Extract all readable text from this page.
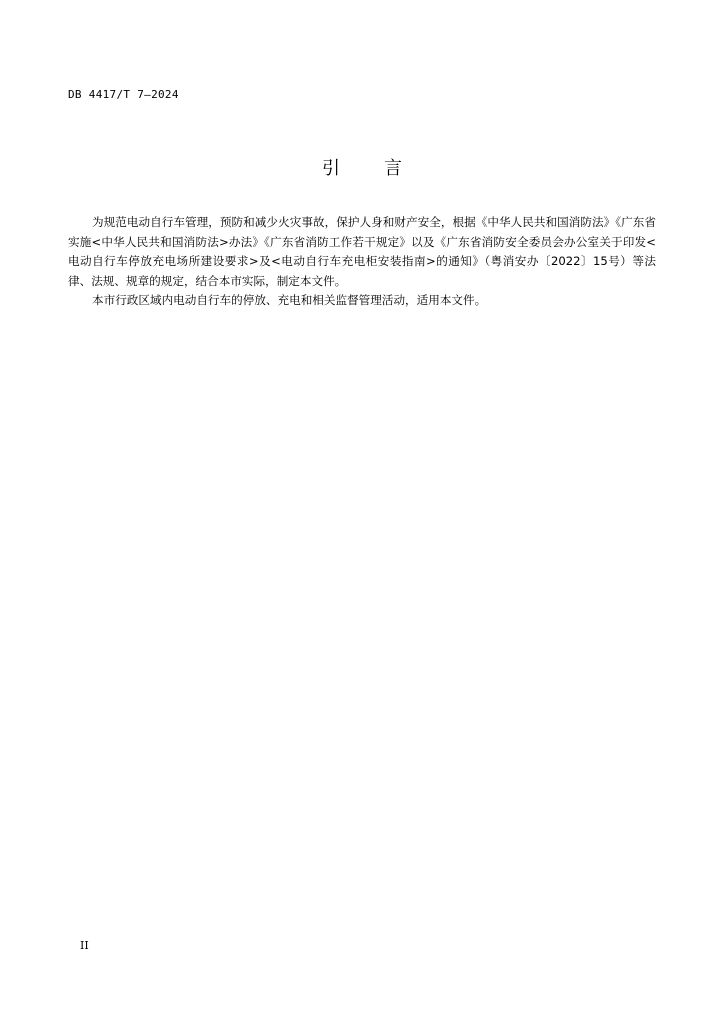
DB 4417/T 7—2024
引 言

为规范电动自行车管理，预防和减少火灾事故，保护人身和财产安全，根据《中华人民共和国消防法》《广东省实施<中华人民共和国消防法>办法》《广东省消防工作若干规定》以及《广东省消防安全委员会办公室关于印发<电动自行车停放充电场所建设要求>及<电动自行车充电柜安装指南>的通知》（粤消安办〔2022〕15号）等法律、法规、规章的规定，结合本市实际，制定本文件。

本市行政区域内电动自行车的停放、充电和相关监督管理活动，适用本文件。

II
